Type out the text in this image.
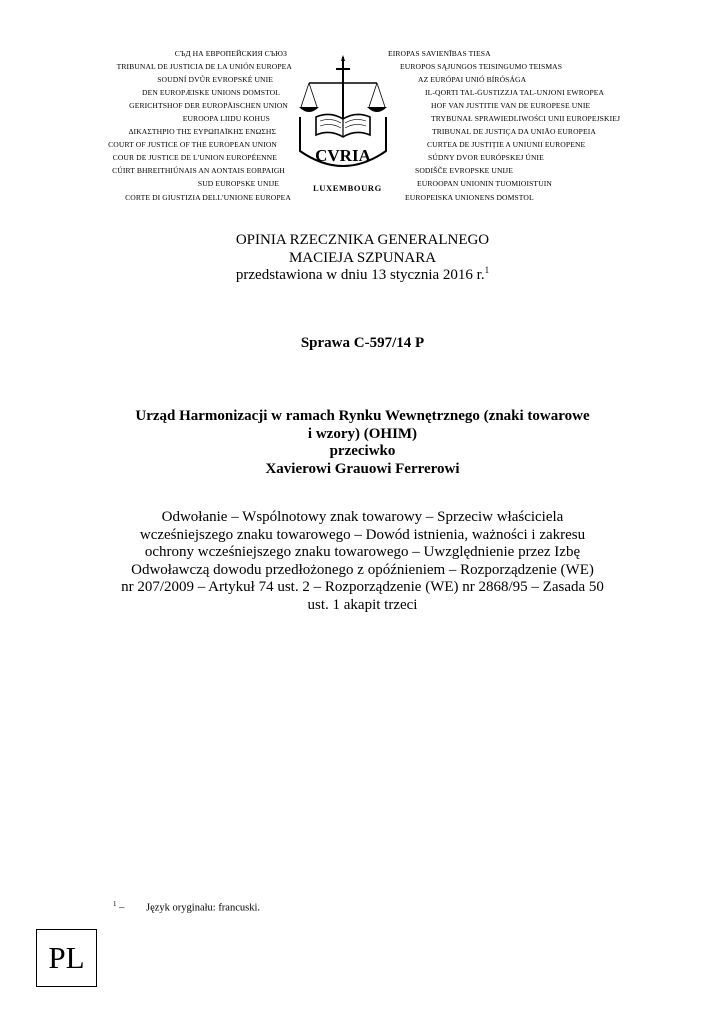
СЪД НА ЕВРОПЕЙСКИЯ СЪЮЗ
TRIBUNAL DE JUSTICIA DE LA UNIÓN EUROPEA
SOUDNÍ DVŮR EVROPSKÉ UNIE
DEN EUROPÆISKE UNIONS DOMSTOL
GERICHTSHOF DER EUROPÄISCHEN UNION
EUROOPA LIIDU KOHUS
ΔΙΚΑΣΤΗΡΙΟ ΤΗΣ ΕΥΡΩΠΑΪΚΗΣ ΕΝΩΣΗΣ
COURT OF JUSTICE OF THE EUROPEAN UNION
COUR DE JUSTICE DE L'UNION EUROPÉENNE
CÚIRT BHREITHIÚNAIS AN AONTAIS EORPAIGH
SUD EUROPSKE UNIJE
CORTE DI GIUSTIZIA DELL'UNIONE EUROPEA
CVRIA
LUXEMBOURG
EIROPAS SAVIENĪBAS TIESA
EUROPOS SĄJUNGOS TEISINGUMO TEISMAS
AZ EURÓPAI UNIÓ BÍRÓSÁGA
IL-QORTI TAL-ĠUSTIZZJA TAL-UNJONI EWROPEA
HOF VAN JUSTITIE VAN DE EUROPESE UNIE
TRYBUNAŁ SPRAWIEDLIWOŚCI UNII EUROPEJSKIEJ
TRIBUNAL DE JUSTIÇA DA UNIÃO EUROPEIA
CURTEA DE JUSTIȚIE A UNIUNII EUROPENE
SÚDNY DVOR EURÓPSKEJ ÚNIE
SODIŠČE EVROPSKE UNIJE
EUROOPAN UNIONIN TUOMIOISTUIN
EUROPEISKA UNIONENS DOMSTOL
OPINIA RZECZNIKA GENERALNEGO
MACIEJA SZPUNARA
przedstawiona w dniu 13 stycznia 2016 r.$^1$
Sprawa C-597/14 P
Urząd Harmonizacji w ramach Rynku Wewnętrznego (znaki towarowe
i wzory) (OHIM)
przeciwko
Xavierowi Grauowi Ferrerowi
Odwołanie – Wspólnotowy znak towarowy – Sprzeciw właściciela
wcześniejszego znaku towarowego – Dowód istnienia, ważności i zakresu
ochrony wcześniejszego znaku towarowego – Uwzględnienie przez Izbę
Odwoławczą dowodu przedłożonego z opóźnieniem – Rozporządzenie (WE)
nr 207/2009 – Artykuł 74 ust. 2 – Rozporządzenie (WE) nr 2868/95 – Zasada 50
ust. 1 akapit trzeci
$^1$ – Język oryginału: francuski.
PL
